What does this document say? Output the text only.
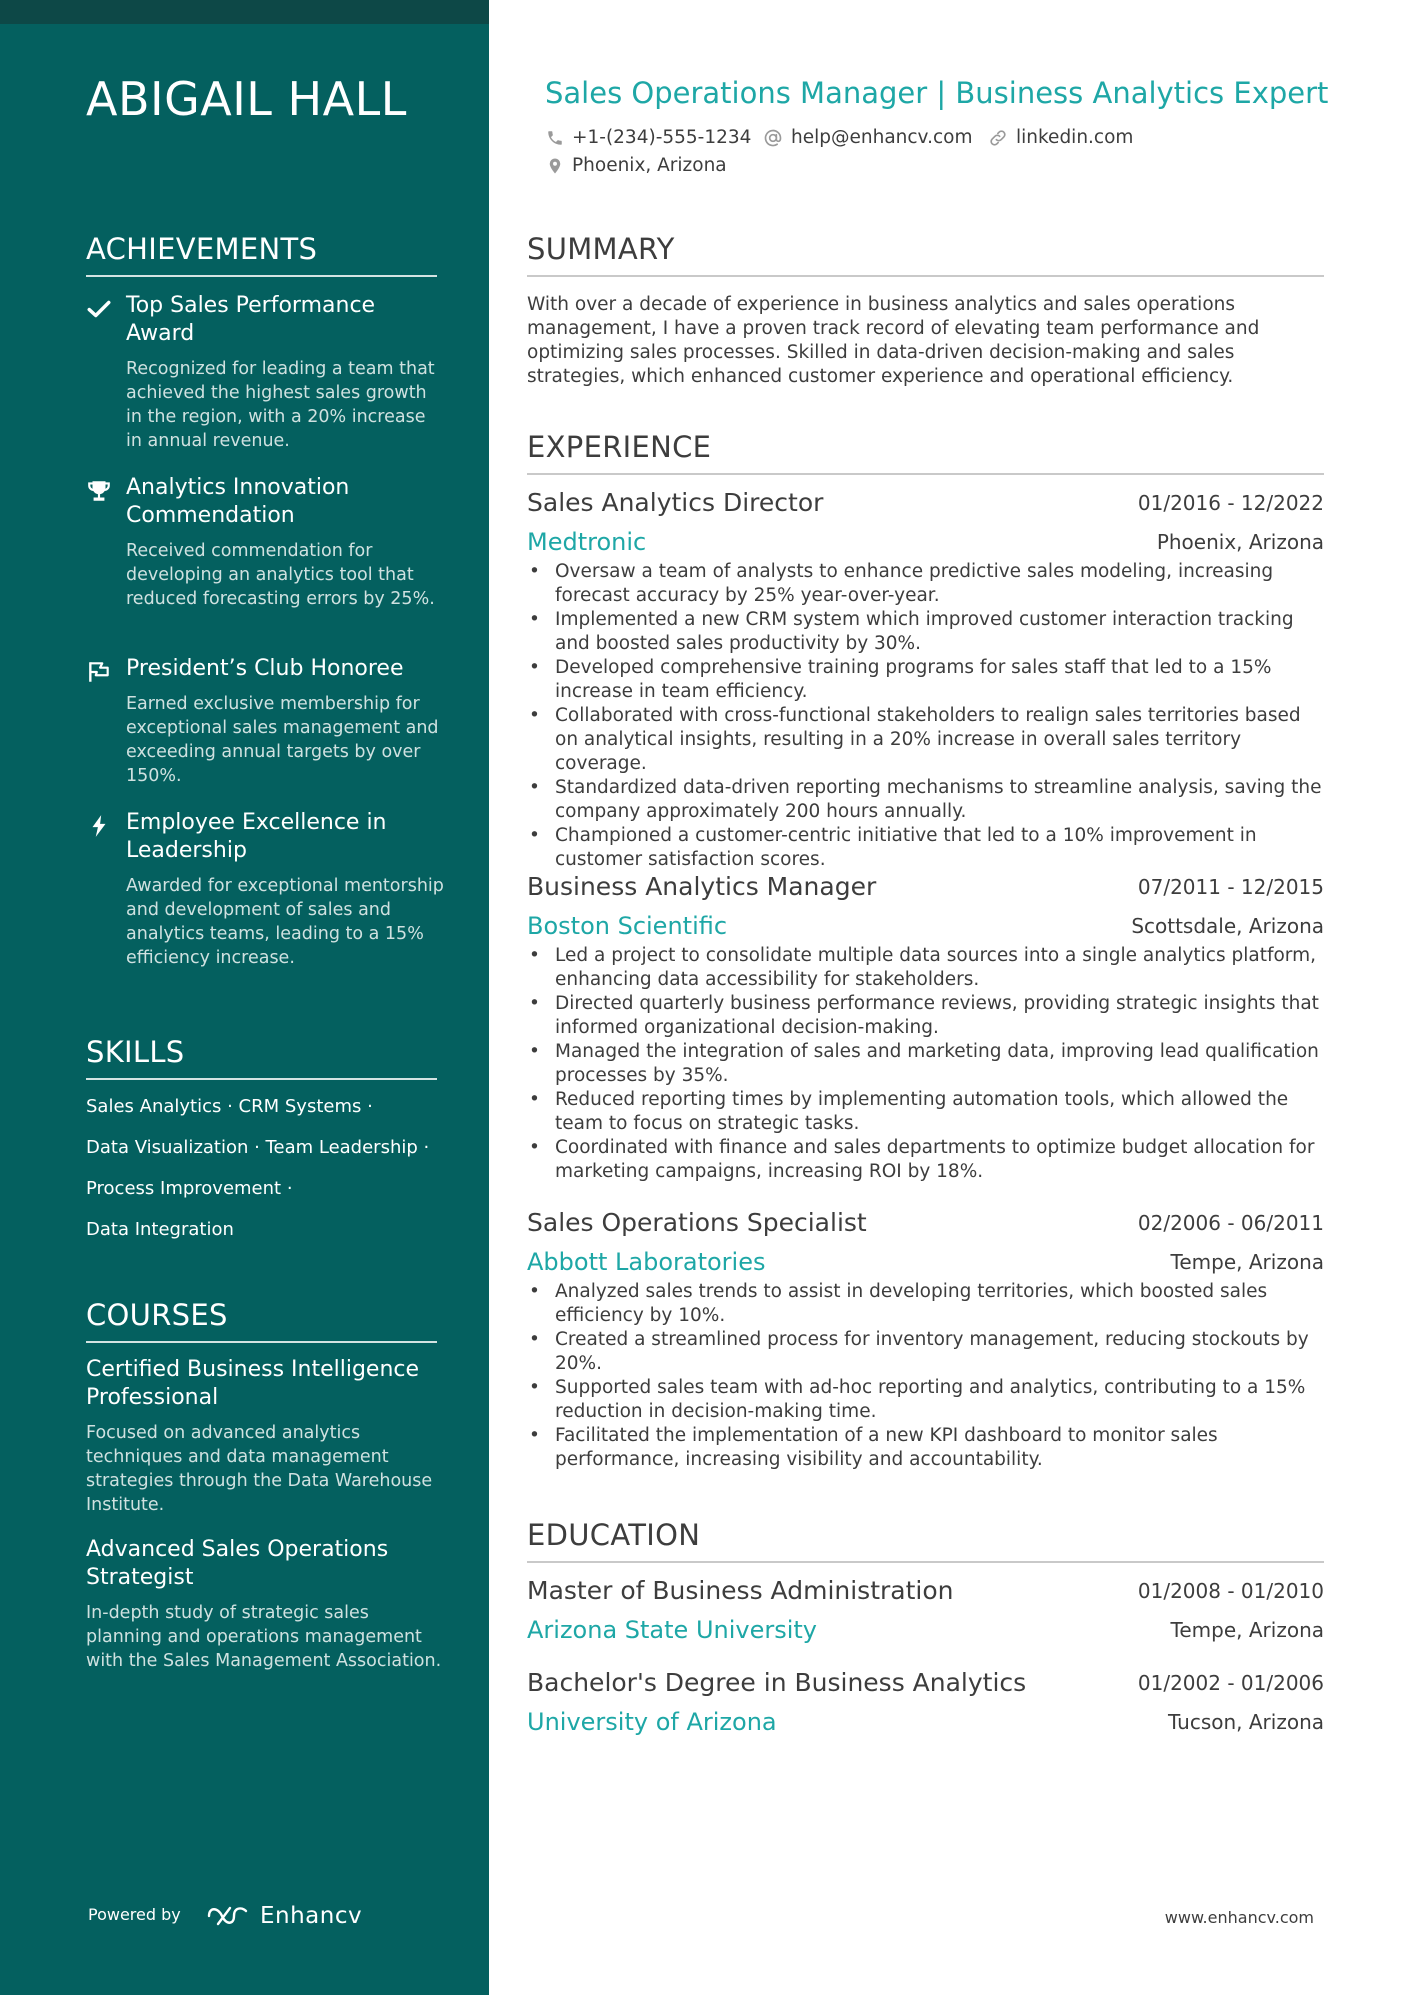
ABIGAIL HALL
ACHIEVEMENTS
Top Sales Performance Award
Recognized for leading a team that achieved the highest sales growth in the region, with a 20% increase in annual revenue.
Analytics Innovation Commendation
Received commendation for developing an analytics tool that reduced forecasting errors by 25%.
President’s Club Honoree
Earned exclusive membership for exceptional sales management and exceeding annual targets by over 150%.
Employee Excellence in Leadership
Awarded for exceptional mentorship and development of sales and analytics teams, leading to a 15% efficiency increase.
SKILLS
Sales Analytics · CRM Systems ·
Data Visualization · Team Leadership ·
Process Improvement ·
Data Integration
COURSES
Certified Business Intelligence Professional
Focused on advanced analytics techniques and data management strategies through the Data Warehouse Institute.
Advanced Sales Operations Strategist
In-depth study of strategic sales planning and operations management with the Sales Management Association.
Powered by	Enhancv
Sales Operations Manager | Business Analytics Expert
+1-(234)-555-1234 help@enhancv.com linkedin.com
Phoenix, Arizona
SUMMARY
With over a decade of experience in business analytics and sales operations management, I have a proven track record of elevating team performance and optimizing sales processes. Skilled in data-driven decision-making and sales strategies, which enhanced customer experience and operational efficiency.
EXPERIENCE
Sales Analytics Director	01/2016 - 12/2022
Medtronic	Phoenix, Arizona
• Oversaw a team of analysts to enhance predictive sales modeling, increasing forecast accuracy by 25% year-over-year.
• Implemented a new CRM system which improved customer interaction tracking and boosted sales productivity by 30%.
• Developed comprehensive training programs for sales staff that led to a 15% increase in team efficiency.
• Collaborated with cross-functional stakeholders to realign sales territories based on analytical insights, resulting in a 20% increase in overall sales territory coverage.
• Standardized data-driven reporting mechanisms to streamline analysis, saving the company approximately 200 hours annually.
• Championed a customer-centric initiative that led to a 10% improvement in customer satisfaction scores.
Business Analytics Manager	07/2011 - 12/2015
Boston Scientific	Scottsdale, Arizona
• Led a project to consolidate multiple data sources into a single analytics platform, enhancing data accessibility for stakeholders.
• Directed quarterly business performance reviews, providing strategic insights that informed organizational decision-making.
• Managed the integration of sales and marketing data, improving lead qualification processes by 35%.
• Reduced reporting times by implementing automation tools, which allowed the team to focus on strategic tasks.
• Coordinated with finance and sales departments to optimize budget allocation for marketing campaigns, increasing ROI by 18%.
Sales Operations Specialist	02/2006 - 06/2011
Abbott Laboratories	Tempe, Arizona
• Analyzed sales trends to assist in developing territories, which boosted sales efficiency by 10%.
• Created a streamlined process for inventory management, reducing stockouts by 20%.
• Supported sales team with ad-hoc reporting and analytics, contributing to a 15% reduction in decision-making time.
• Facilitated the implementation of a new KPI dashboard to monitor sales performance, increasing visibility and accountability.
EDUCATION
Master of Business Administration	01/2008 - 01/2010
Arizona State University	Tempe, Arizona
Bachelor's Degree in Business Analytics	01/2002 - 01/2006
University of Arizona	Tucson, Arizona
www.enhancv.com
